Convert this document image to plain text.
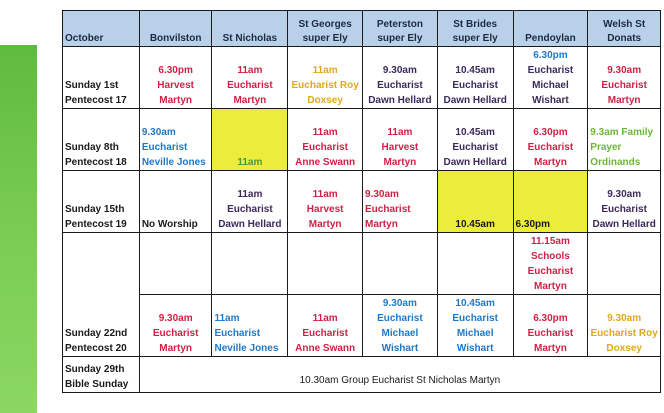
October	Bonvilston	St Nicholas	St Georges super Ely	Peterston super Ely	St Brides super Ely	Pendoylan	Welsh St Donats

Sunday 1st
Pentecost 17	6.30pm
Harvest
Martyn	11am
Eucharist
Martyn	11am
Eucharist Roy
Doxsey	9.30am
Eucharist
Dawn Hellard	10.45am
Eucharist
Dawn Hellard	6.30pm
Eucharist
Michael
Wishart	9.30am
Eucharist
Martyn

Sunday 8th
Pentecost 18	9.30am
Eucharist
Neville Jones	11am	11am
Eucharist
Anne Swann	11am
Harvest
Martyn	10.45am
Eucharist
Dawn Hellard	6.30pm
Eucharist
Martyn	9.3am Family
Prayer
Ordinands

Sunday 15th
Pentecost 19	No Worship	11am
Eucharist
Dawn Hellard	11am
Harvest
Martyn	9.30am
Eucharist
Martyn	10.45am	6.30pm	9.30am
Eucharist
Dawn Hellard

Sunday 22nd
Pentecost 20						11.15am
Schools
Eucharist
Martyn	

	9.30am
Eucharist
Martyn	11am
Eucharist
Neville Jones	11am
Eucharist
Anne Swann	9.30am
Eucharist
Michael
Wishart	10.45am
Eucharist
Michael
Wishart	6.30pm
Eucharist
Martyn	9.30am
Eucharist Roy
Doxsey

Sunday 29th
Bible Sunday	10.30am Group Eucharist St Nicholas Martyn						
